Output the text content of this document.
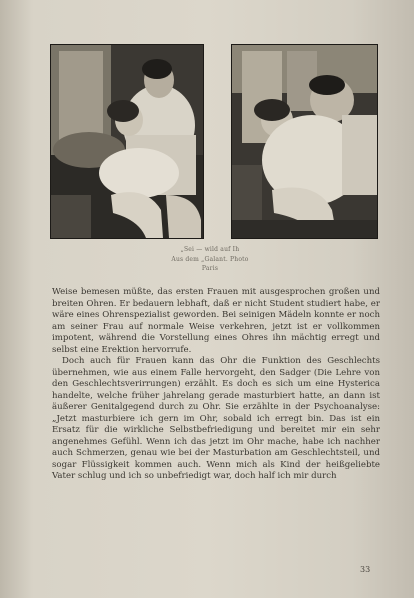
„Sei — wild auf Ih
Aus dem „Galant. Photo
Paris

Weise bemesen müßte, das ersten Frauen mit ausgesprochen großen und breiten Ohren. Er bedauern lebhaft, daß er nicht Student studiert habe, er wäre eines Ohrenspezialist geworden. Bei seinigen Mädeln konnte er noch am seiner Frau auf normale Weise verkehren, jetzt ist er vollkommen impotent, während die Vorstellung eines Ohres ihn mächtig erregt und selbst eine Erektion hervorrufe.

Doch auch für Frauen kann das Ohr die Funktion des Geschlechts übernehmen, wie aus einem Falle hervorgeht, den Sadger (Die Lehre von den Geschlechtsverirrungen) erzählt. Es doch es sich um eine Hysterica handelte, welche früher jahrelang gerade masturbiert hatte, an dann ist äußerer Genitalgegend durch zu Ohr. Sie erzählte in der Psychoanalyse: „Jetzt masturbiere ich gern im Ohr, sobald ich erregt bin. Das ist ein Ersatz für die wirkliche Selbstbefriedigung und bereitet mir ein sehr angenehmes Gefühl. Wenn ich das jetzt im Ohr mache, habe ich nachher auch Schmerzen, genau wie bei der Masturbation am Geschlechtsteil, und sogar Flüssigkeit kommen auch. Wenn mich als Kind der heißgeliebte Vater schlug und ich so unbefriedigt war, doch half ich mir durch

33
